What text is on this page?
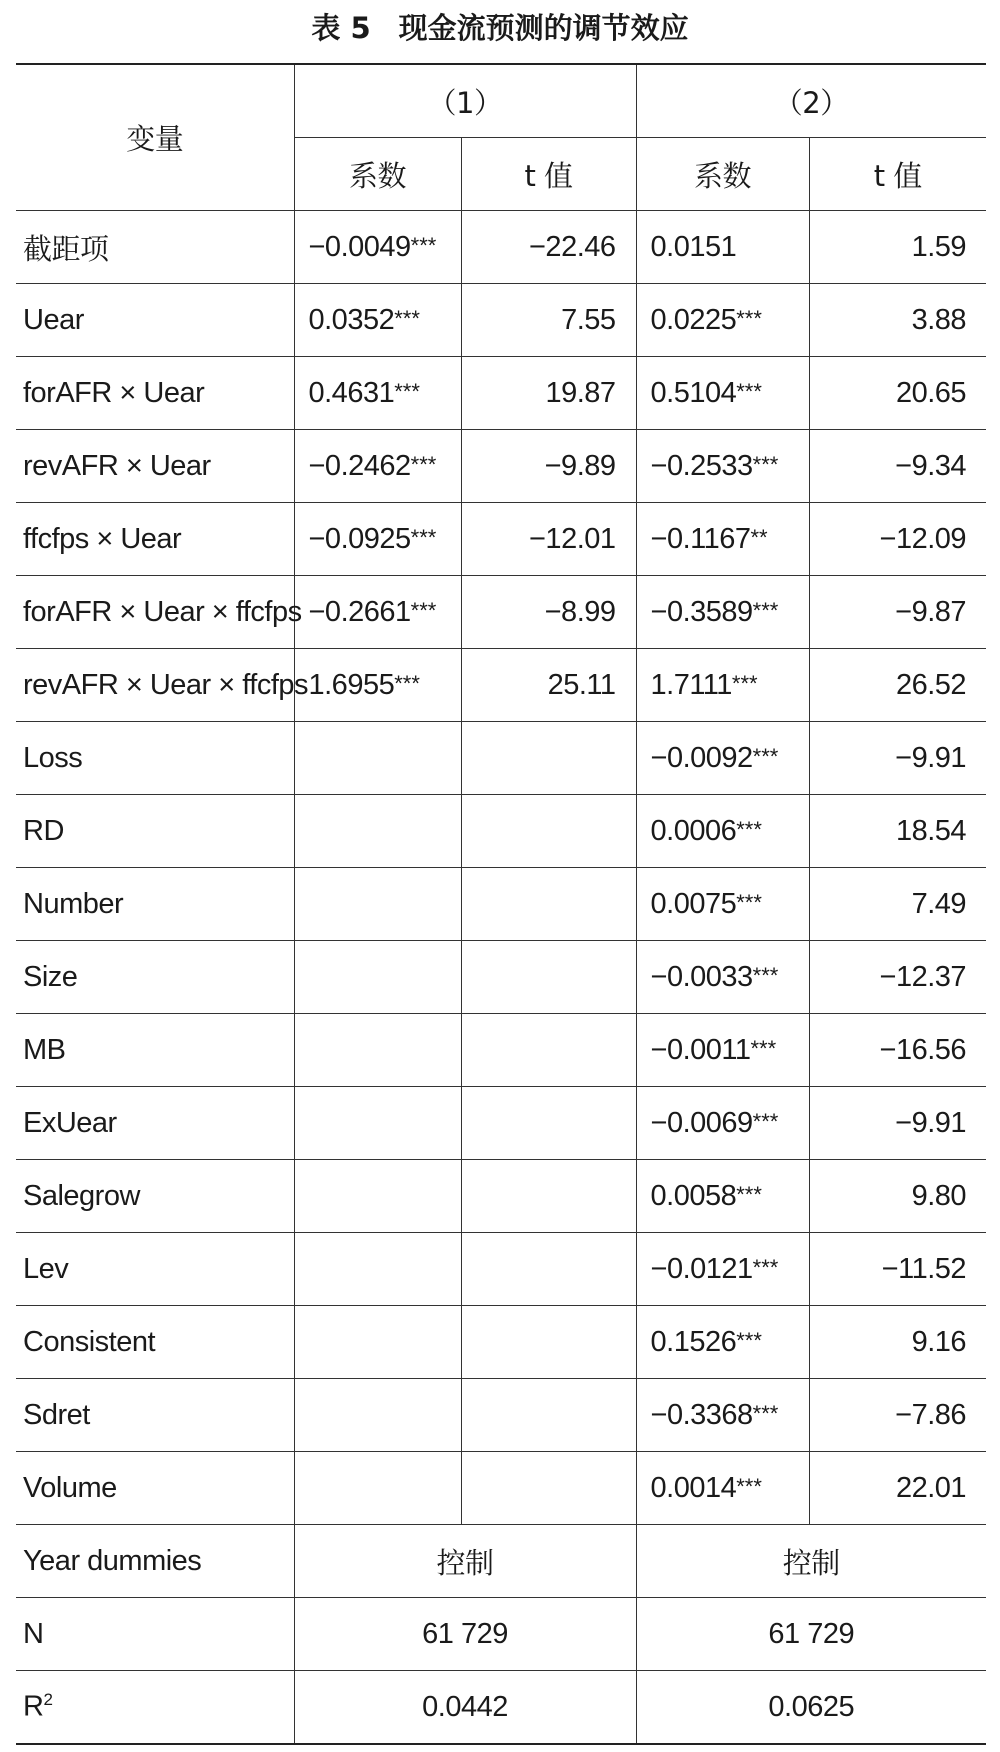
表 5 现金流预测的调节效应
变量	（1）		（2）	
	系数	t 值	系数	t 值
截距项	−0.0049***	−22.46	0.0151	1.59
Uear	0.0352***	7.55	0.0225***	3.88
forAFR × Uear	0.4631***	19.87	0.5104***	20.65
revAFR × Uear	−0.2462***	−9.89	−0.2533***	−9.34
ffcfps × Uear	−0.0925***	−12.01	−0.1167**	−12.09
forAFR × Uear × ffcfps	−0.2661***	−8.99	−0.3589***	−9.87
revAFR × Uear × ffcfps	1.6955***	25.11	1.7111***	26.52
Loss			−0.0092***	−9.91
RD			0.0006***	18.54
Number			0.0075***	7.49
Size			−0.0033***	−12.37
MB			−0.0011***	−16.56
ExUear			−0.0069***	−9.91
Salegrow			0.0058***	9.80
Lev			−0.0121***	−11.52
Consistent			0.1526***	9.16
Sdret			−0.3368***	−7.86
Volume			0.0014***	22.01
Year dummies	控制		控制	
N	61 729		61 729	
$R^2$	0.0442		0.0625	
